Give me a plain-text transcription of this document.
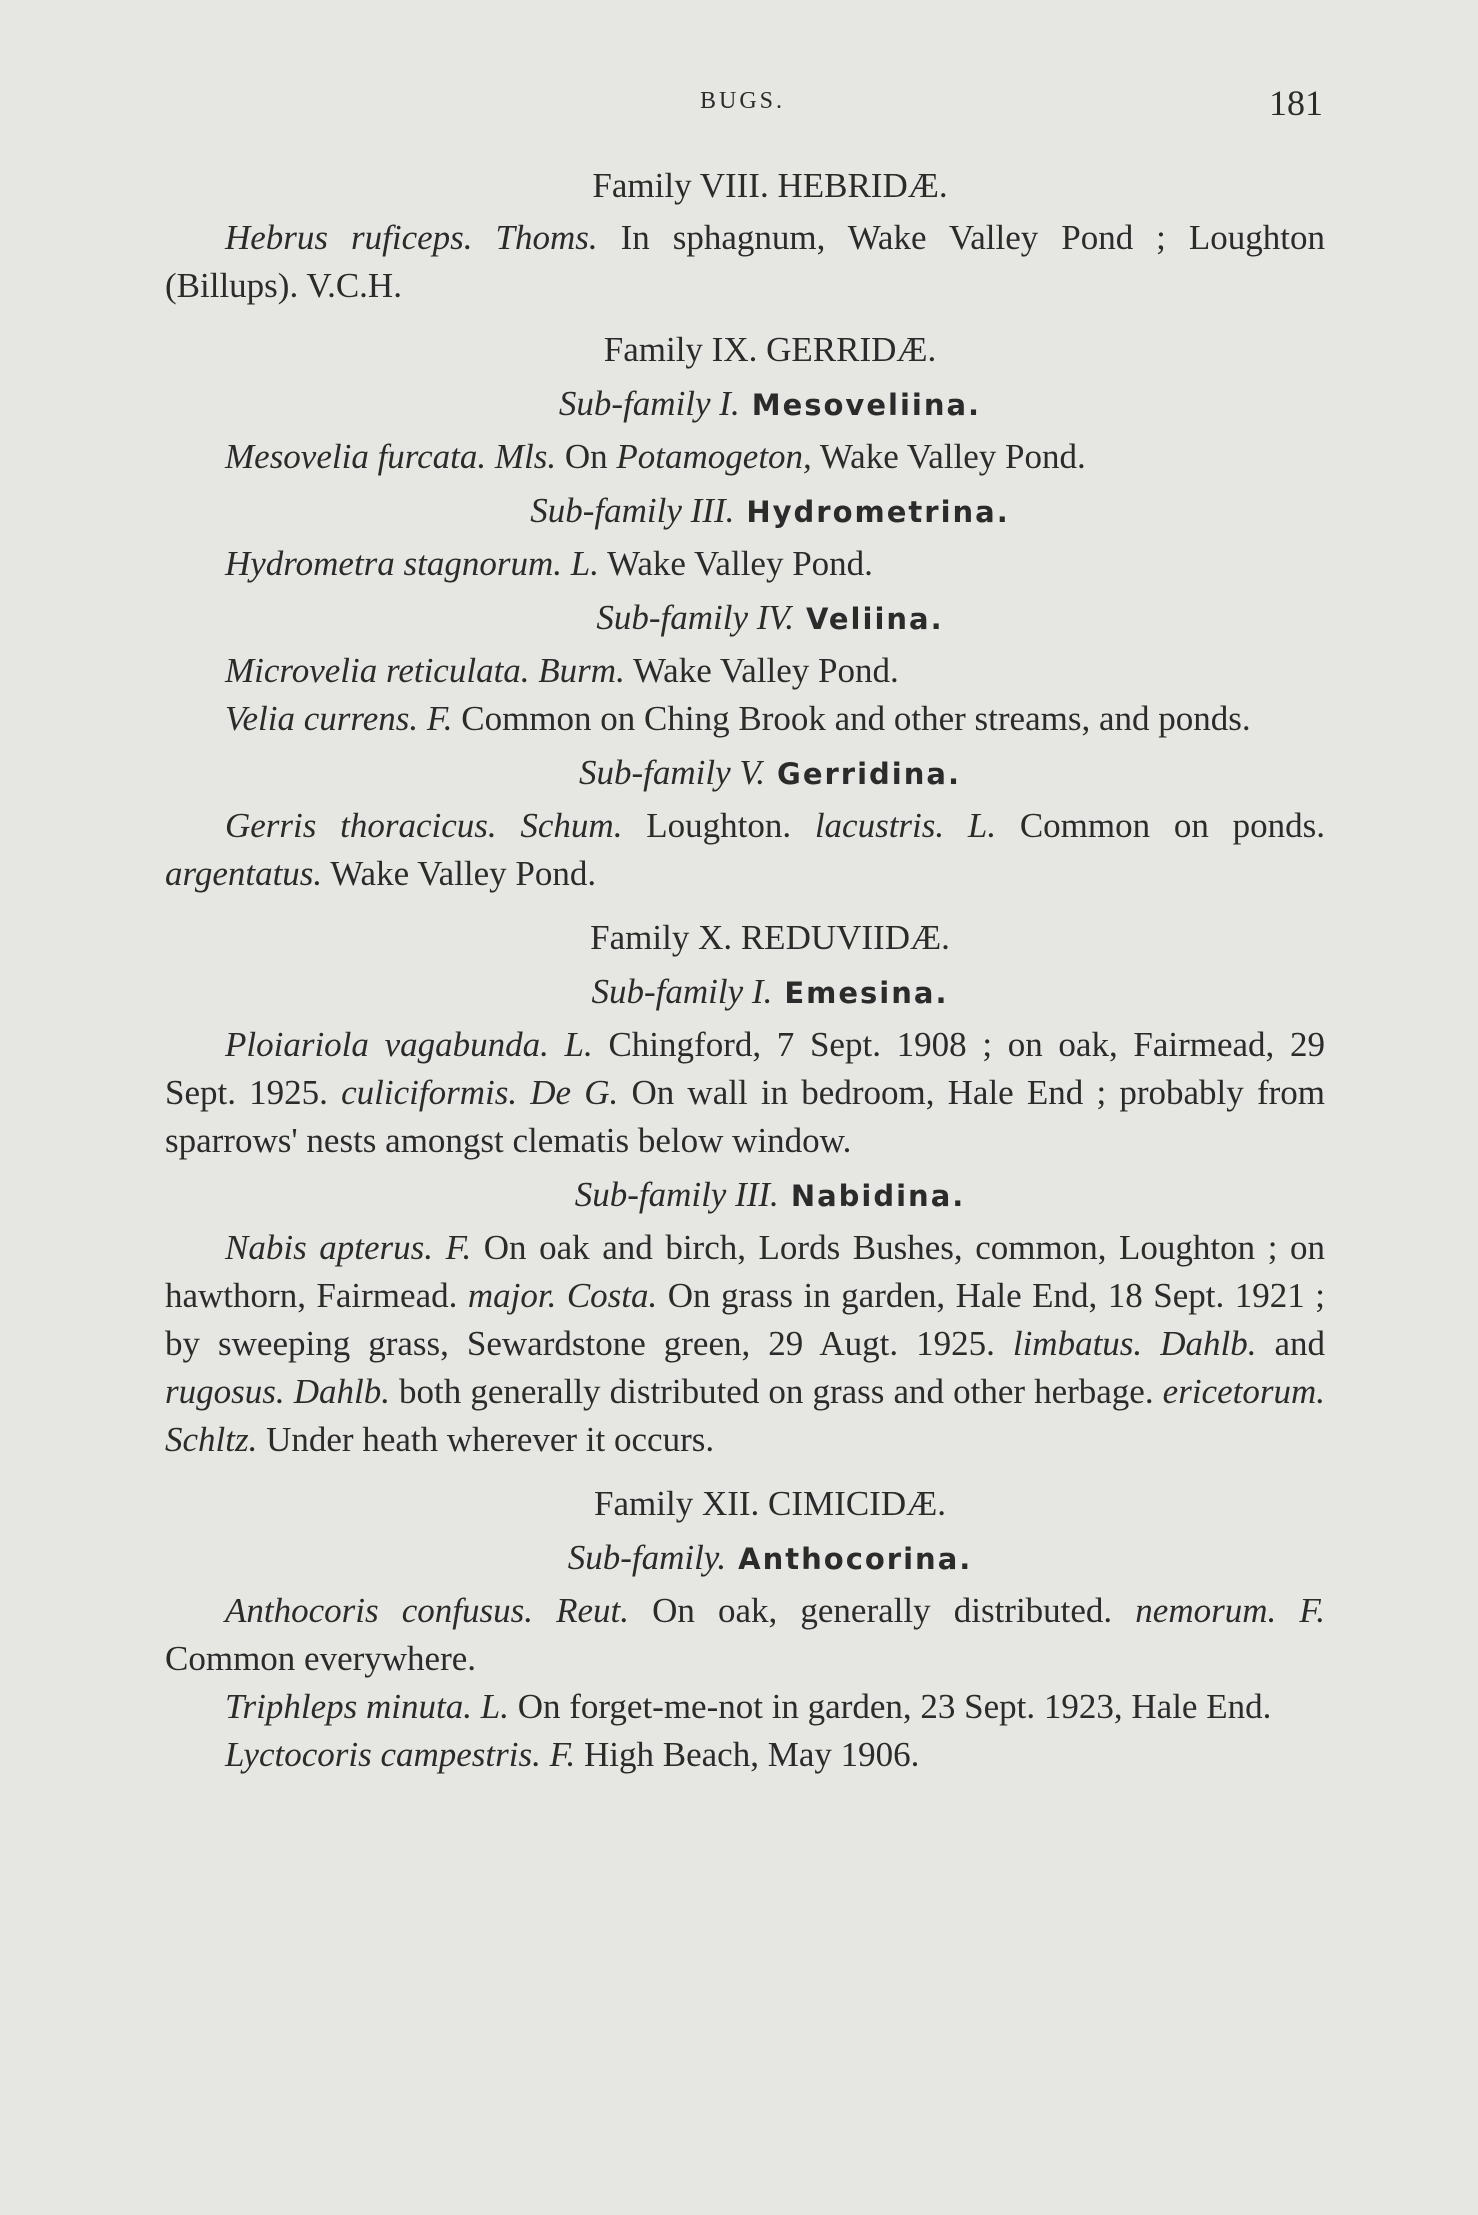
BUGS.	181
Family VIII. HEBRIDÆ.

Hebrus ruficeps. Thoms. In sphagnum, Wake Valley Pond ; Loughton (Billups). V.C.H.

Family IX. GERRIDÆ.
Sub-family I. Mesoveliina.

Mesovelia furcata. Mls. On Potamogeton, Wake Valley Pond.

Sub-family III. Hydrometrina.

Hydrometra stagnorum. L. Wake Valley Pond.

Sub-family IV. Veliina.

Microvelia reticulata. Burm. Wake Valley Pond.

Velia currens. F. Common on Ching Brook and other streams, and ponds.

Sub-family V. Gerridina.

Gerris thoracicus. Schum. Loughton. lacustris. L. Common on ponds. argentatus. Wake Valley Pond.

Family X. REDUVIIDÆ.
Sub-family I. Emesina.

Ploiariola vagabunda. L. Chingford, 7 Sept. 1908 ; on oak, Fairmead, 29 Sept. 1925. culiciformis. De G. On wall in bedroom, Hale End ; probably from sparrows' nests amongst clematis below window.

Sub-family III. Nabidina.

Nabis apterus. F. On oak and birch, Lords Bushes, common, Loughton ; on hawthorn, Fairmead. major. Costa. On grass in garden, Hale End, 18 Sept. 1921 ; by sweeping grass, Sewardstone green, 29 Augt. 1925. limbatus. Dahlb. and rugosus. Dahlb. both generally distributed on grass and other herbage. ericetorum. Schltz. Under heath wherever it occurs.

Family XII. CIMICIDÆ.
Sub-family. Anthocorina.

Anthocoris confusus. Reut. On oak, generally distributed. nemorum. F. Common everywhere.

Triphleps minuta. L. On forget-me-not in garden, 23 Sept. 1923, Hale End.

Lyctocoris campestris. F. High Beach, May 1906.
